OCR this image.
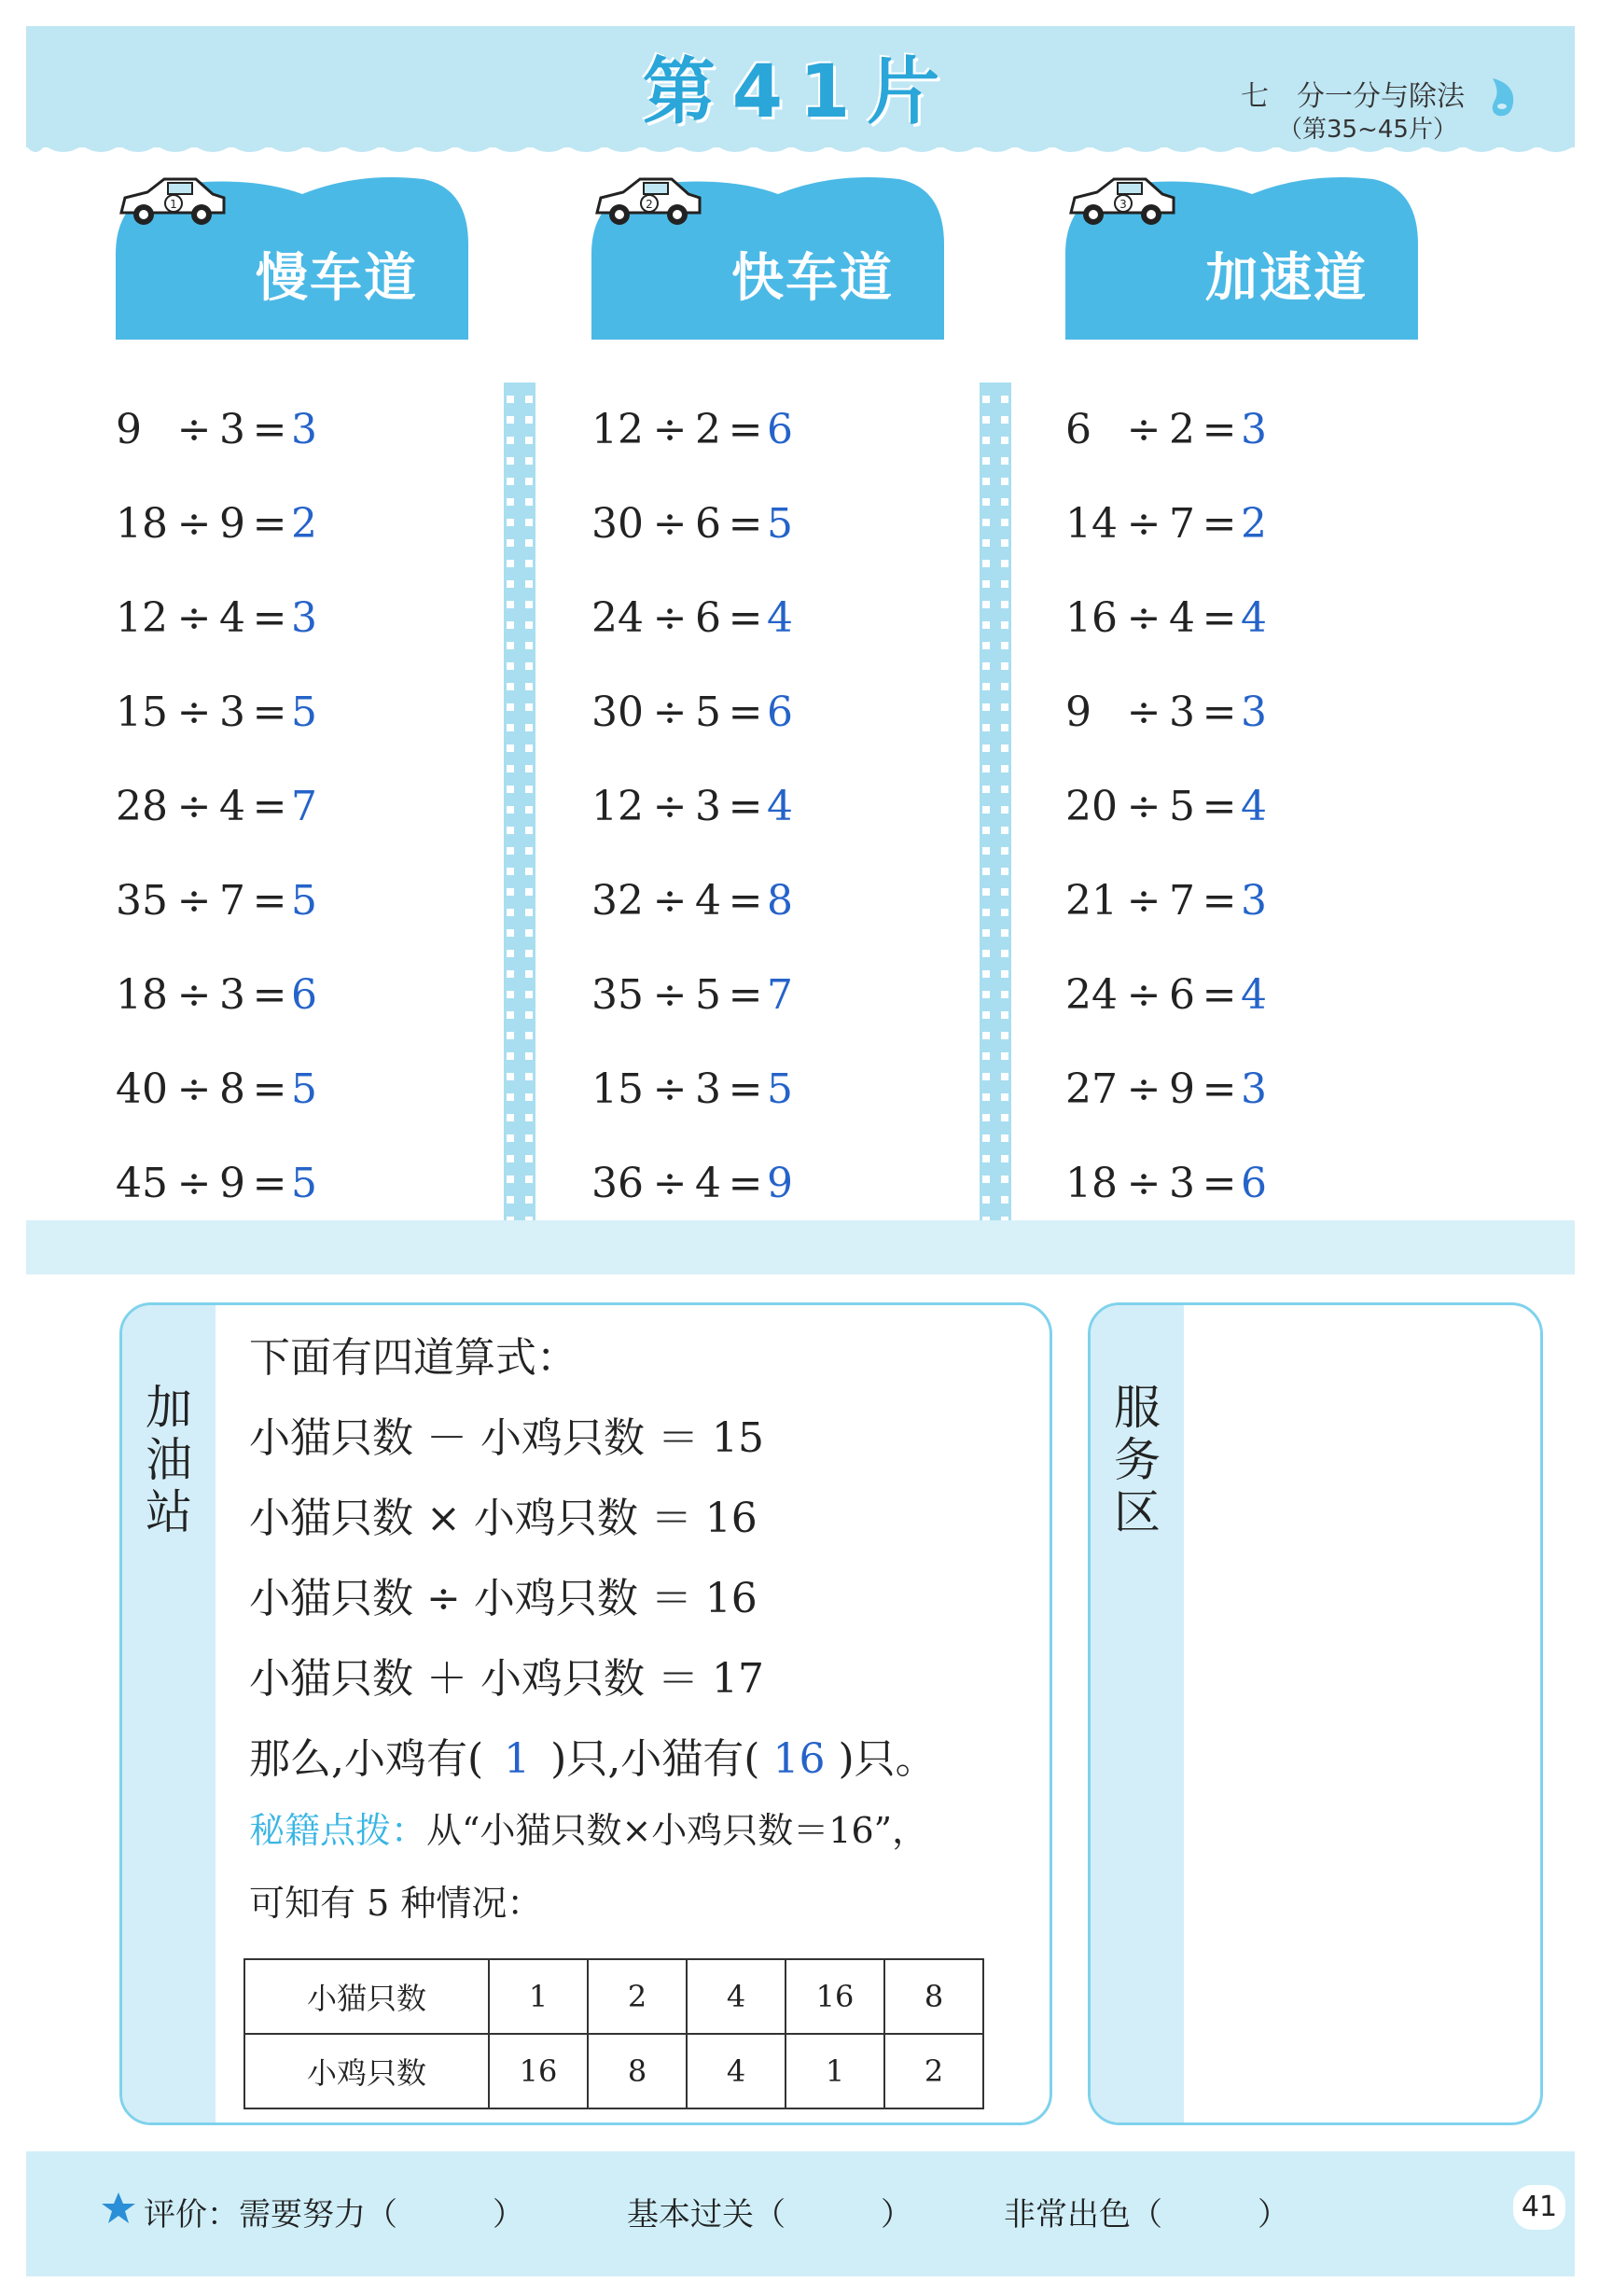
第41片	七　分一分与除法
（第35~45片）
1
慢车道
2
快车道
3
加速道
9 ÷ 3 = 3
18 ÷ 9 = 2
12 ÷ 4 = 3
15 ÷ 3 = 5
28 ÷ 4 = 7
35 ÷ 7 = 5
18 ÷ 3 = 6
40 ÷ 8 = 5
45 ÷ 9 = 5
12 ÷ 2 = 6
30 ÷ 6 = 5
24 ÷ 6 = 4
30 ÷ 5 = 6
12 ÷ 3 = 4
32 ÷ 4 = 8
35 ÷ 5 = 7
15 ÷ 3 = 5
36 ÷ 4 = 9
6 ÷ 2 = 3
14 ÷ 7 = 2
16 ÷ 4 = 4
9 ÷ 3 = 3
20 ÷ 5 = 4
21 ÷ 7 = 3
24 ÷ 6 = 4
27 ÷ 9 = 3
18 ÷ 3 = 6
加油站
下面有四道算式：
小猫只数 － 小鸡只数 ＝ 15
小猫只数 × 小鸡只数 ＝ 16
小猫只数 ÷ 小鸡只数 ＝ 16
小猫只数 ＋ 小鸡只数 ＝ 17
那么,小鸡有( 1 )只,小猫有( 16 )只。
秘籍点拨：从“小猫只数×小鸡只数＝16”，
可知有 5 种情况：
小猫只数	1	2	4	16	8
小鸡只数	16	8	4	1	2
服务区
评价：需要努力（　　　）	基本过关（　　　）	非常出色（　　　）	41
